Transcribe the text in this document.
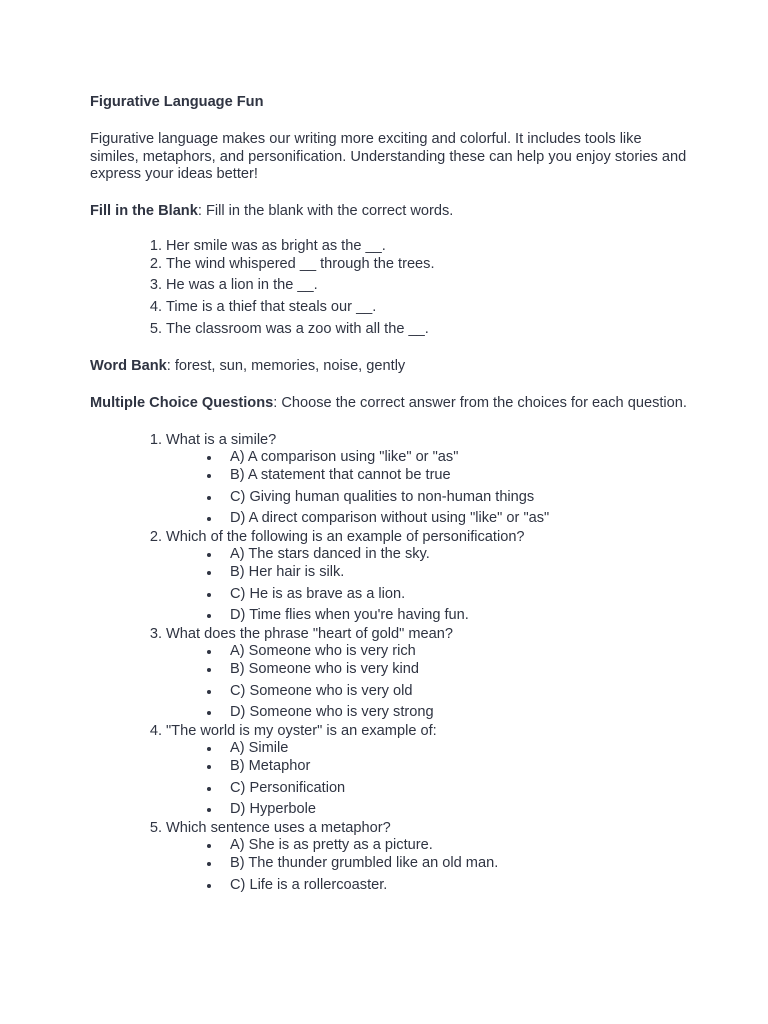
Figurative Language Fun
Figurative language makes our writing more exciting and colorful. It includes tools like similes, metaphors, and personification. Understanding these can help you enjoy stories and express your ideas better!
Fill in the Blank: Fill in the blank with the correct words.
1. Her smile was as bright as the __.
2. The wind whispered __ through the trees.
3. He was a lion in the __.
4. Time is a thief that steals our __.
5. The classroom was a zoo with all the __.
Word Bank: forest, sun, memories, noise, gently
Multiple Choice Questions: Choose the correct answer from the choices for each question.
1. What is a simile?
A) A comparison using "like" or "as"
B) A statement that cannot be true
C) Giving human qualities to non-human things
D) A direct comparison without using "like" or "as"
2. Which of the following is an example of personification?
A) The stars danced in the sky.
B) Her hair is silk.
C) He is as brave as a lion.
D) Time flies when you're having fun.
3. What does the phrase "heart of gold" mean?
A) Someone who is very rich
B) Someone who is very kind
C) Someone who is very old
D) Someone who is very strong
4. "The world is my oyster" is an example of:
A) Simile
B) Metaphor
C) Personification
D) Hyperbole
5. Which sentence uses a metaphor?
A) She is as pretty as a picture.
B) The thunder grumbled like an old man.
C) Life is a rollercoaster.
